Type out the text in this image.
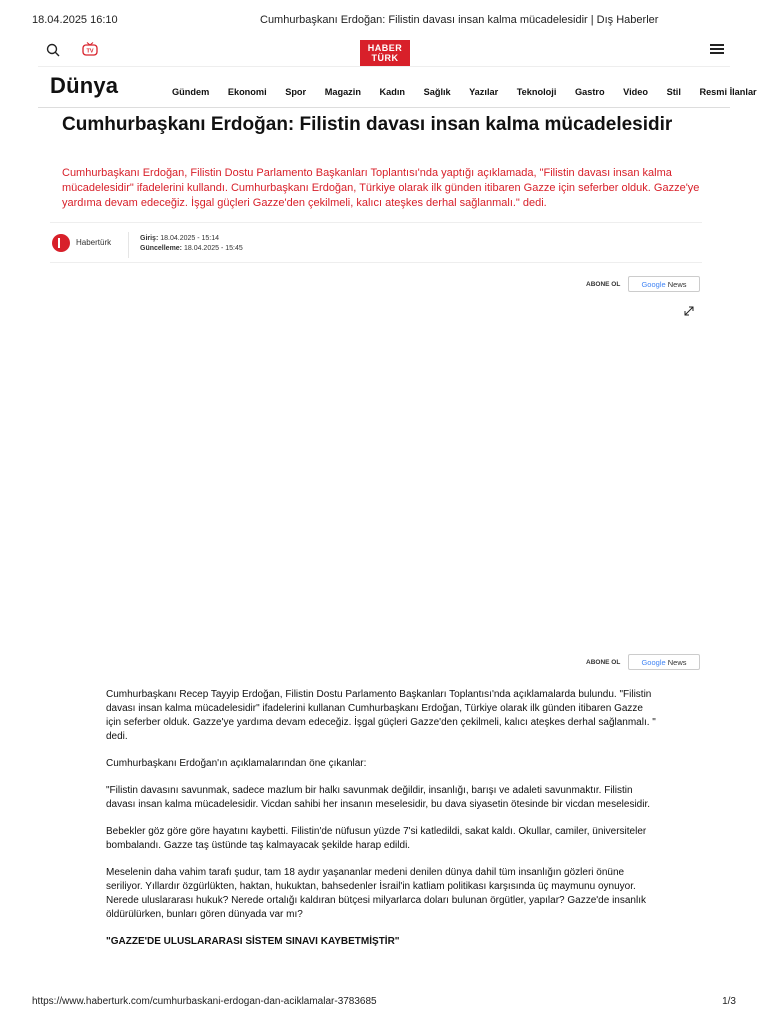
18.04.2025 16:10	Cumhurbaşkanı Erdoğan: Filistin davası insan kalma mücadelesidir | Dış Haberler
TV	HABER
TÜRK
Dünya	Gündem Ekonomi Spor Magazin Kadın Sağlık Yazılar Teknoloji Gastro Video Stil Resmi İlanlar
Cumhurbaşkanı Erdoğan: Filistin davası insan kalma mücadelesidir

Cumhurbaşkanı Erdoğan, Filistin Dostu Parlamento Başkanları Toplantısı'nda yaptığı açıklamada, "Filistin davası insan kalma mücadelesidir" ifadelerini kullandı. Cumhurbaşkanı Erdoğan, Türkiye olarak ilk günden itibaren Gazze için seferber olduk. Gazze'ye yardıma devam edeceğiz. İşgal güçleri Gazze'den çekilmeli, kalıcı ateşkes derhal sağlanmalı." dedi.

Habertürk	Giriş: 18.04.2025 - 15:14
Güncelleme: 18.04.2025 - 15:45
ABONE OL	Google News
ABONE OL	Google News

Cumhurbaşkanı Recep Tayyip Erdoğan, Filistin Dostu Parlamento Başkanları Toplantısı'nda açıklamalarda bulundu. "Filistin davası insan kalma mücadelesidir" ifadelerini kullanan Cumhurbaşkanı Erdoğan, Türkiye olarak ilk günden itibaren Gazze için seferber olduk. Gazze'ye yardıma devam edeceğiz. İşgal güçleri Gazze'den çekilmeli, kalıcı ateşkes derhal sağlanmalı. " dedi.

Cumhurbaşkanı Erdoğan'ın açıklamalarından öne çıkanlar:

"Filistin davasını savunmak, sadece mazlum bir halkı savunmak değildir, insanlığı, barışı ve adaleti savunmaktır. Filistin davası insan kalma mücadelesidir. Vicdan sahibi her insanın meselesidir, bu dava siyasetin ötesinde bir vicdan meselesidir.

Bebekler göz göre göre hayatını kaybetti. Filistin'de nüfusun yüzde 7'si katledildi, sakat kaldı. Okullar, camiler, üniversiteler bombalandı. Gazze taş üstünde taş kalmayacak şekilde harap edildi.

Meselenin daha vahim tarafı şudur, tam 18 aydır yaşananlar medeni denilen dünya dahil tüm insanlığın gözleri önüne seriliyor. Yıllardır özgürlükten, haktan, hukuktan, bahsedenler İsrail'in katliam politikası karşısında üç maymunu oynuyor. Nerede uluslararası hukuk? Nerede ortalığı kaldıran bütçesi milyarlarca doları bulunan örgütler, yapılar? Gazze'de insanlık öldürülürken, bunları gören dünyada var mı?

"GAZZE'DE ULUSLARARASI SİSTEM SINAVI KAYBETMİŞTİR"
https://www.haberturk.com/cumhurbaskani-erdogan-dan-aciklamalar-3783685	1/3
